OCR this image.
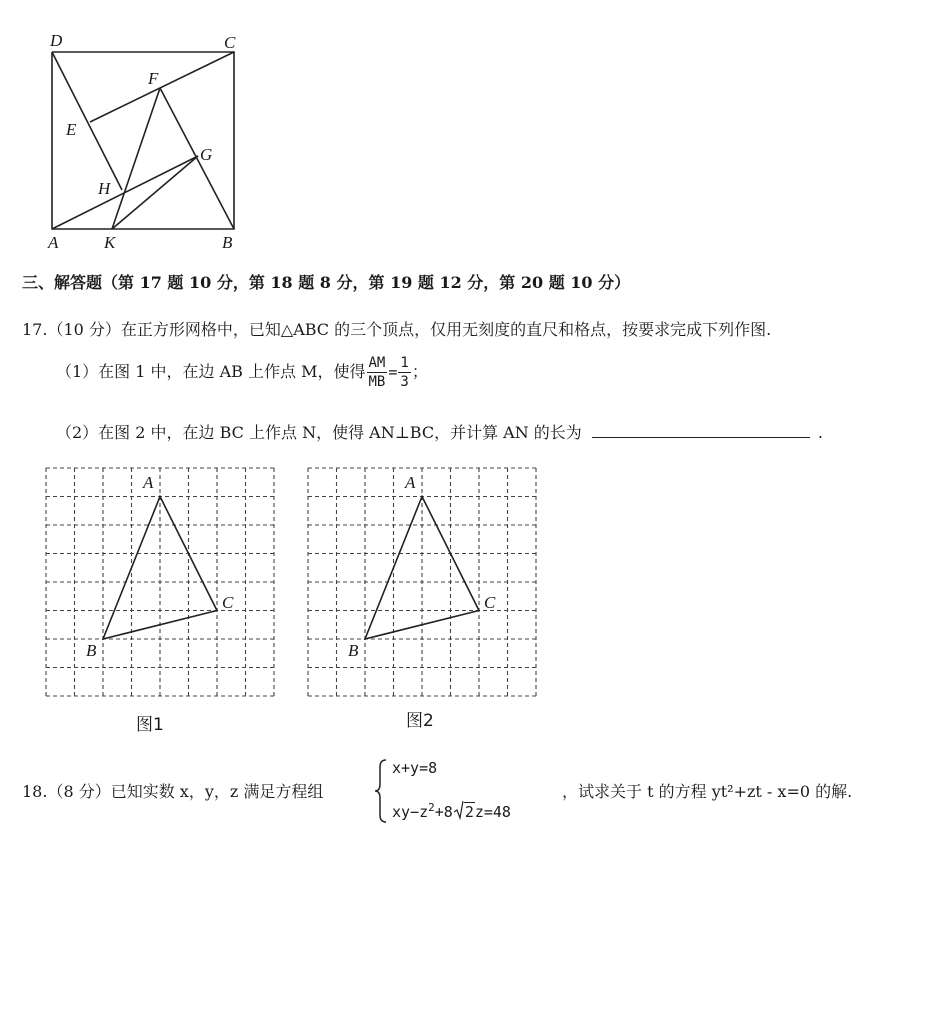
D	C
F
E
G
H
A	K	B
三、解答题（第 17 题 10 分，第 18 题 8 分，第 19 题 12 分，第 20 题 10 分）
17.（10 分）在正方形网格中，已知△ABC 的三个顶点，仅用无刻度的直尺和格点，按要求完成下列作图.
（1）在图 1 中，在边 AB 上作点 M，使得 $\frac{AM}{MB} = \frac{1}{3}$ ；
（2）在图 2 中，在边 BC 上作点 N，使得 AN⊥BC，并计算 AN 的长为	.
A
B
C
图1
A
B
C
图2
18.（8 分）已知实数 x，y，z 满足方程组
x+y=8
$xy-z^2+8$ 2z=48
，试求关于 t 的方程 yt²+zt - x=0 的解.
